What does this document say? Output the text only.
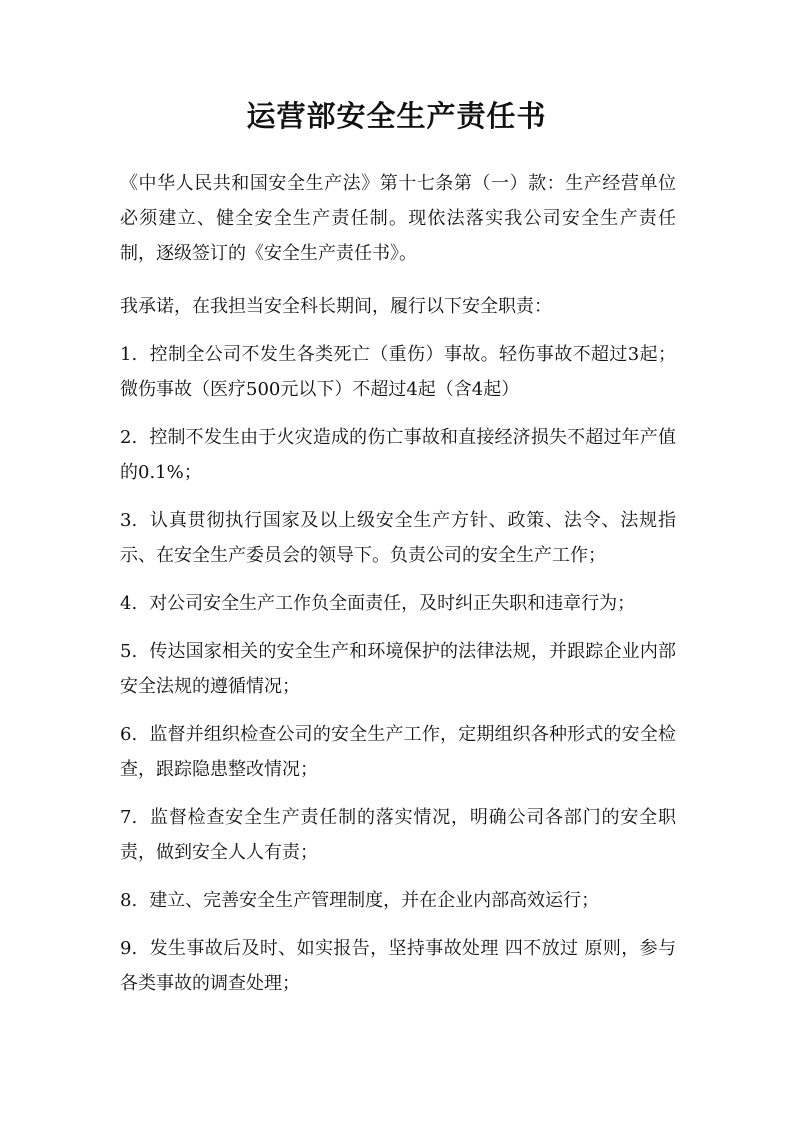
运营部安全生产责任书

《中华人民共和国安全生产法》第十七条第（一）款：生产经营单位必须建立、健全安全生产责任制。现依法落实我公司安全生产责任制，逐级签订的《安全生产责任书》。

我承诺，在我担当安全科长期间，履行以下安全职责：

1. 控制全公司不发生各类死亡（重伤）事故。轻伤事故不超过3起；微伤事故（医疗500元以下）不超过4起（含4起）
2. 控制不发生由于火灾造成的伤亡事故和直接经济损失不超过年产值的0.1%；
3. 认真贯彻执行国家及以上级安全生产方针、政策、法令、法规指示、在安全生产委员会的领导下。负责公司的安全生产工作；
4. 对公司安全生产工作负全面责任，及时纠正失职和违章行为；
5. 传达国家相关的安全生产和环境保护的法律法规，并跟踪企业内部安全法规的遵循情况；
6. 监督并组织检查公司的安全生产工作，定期组织各种形式的安全检查，跟踪隐患整改情况；
7. 监督检查安全生产责任制的落实情况，明确公司各部门的安全职责，做到安全人人有责；
8. 建立、完善安全生产管理制度，并在企业内部高效运行；
9. 发生事故后及时、如实报告，坚持事故处理 四不放过 原则，参与各类事故的调查处理；
